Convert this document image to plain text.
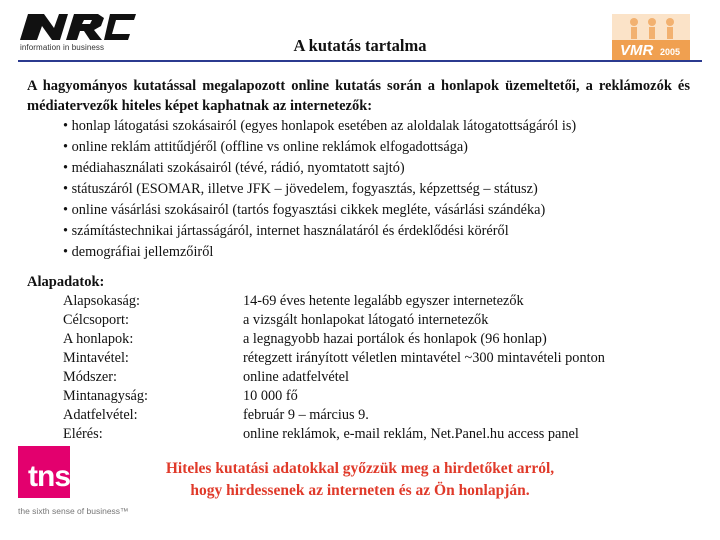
information in business	VMR 2005
A kutatás tartalma
A hagyományos kutatással megalapozott online kutatás során a honlapok üzemeltetői, a reklámozók és médiatervezők hiteles képet kaphatnak az internetezők:
• honlap látogatási szokásairól (egyes honlapok esetében az aloldalak látogatottságáról is)
• online reklám attitűdjéről (offline vs online reklámok elfogadottsága)
• médiahasználati szokásairól (tévé, rádió, nyomtatott sajtó)
• státuszáról (ESOMAR, illetve JFK – jövedelem, fogyasztás, képzettség – státusz)
• online vásárlási szokásairól (tartós fogyasztási cikkek megléte, vásárlási szándéka)
• számítástechnikai jártasságáról, internet használatáról és érdeklődési köréről
• demográfiai jellemzőiről
Alapadatok:
Alapsokaság:	14-69 éves hetente legalább egyszer internetezők
Célcsoport:	a vizsgált honlapokat látogató internetezők
A honlapok:	a legnagyobb hazai portálok és honlapok (96 honlap)
Mintavétel:	rétegzett irányított véletlen mintavétel ~300 mintavételi ponton
Módszer:	online adatfelvétel
Mintanagyság:	10 000 fő
Adatfelvétel:	február 9 – március 9.
Elérés:	online reklámok, e-mail reklám, Net.Panel.hu access panel
tns
the sixth sense of business™
Hiteles kutatási adatokkal győzzük meg a hirdetőket arról,
hogy hirdessenek az interneten és az Ön honlapján.
